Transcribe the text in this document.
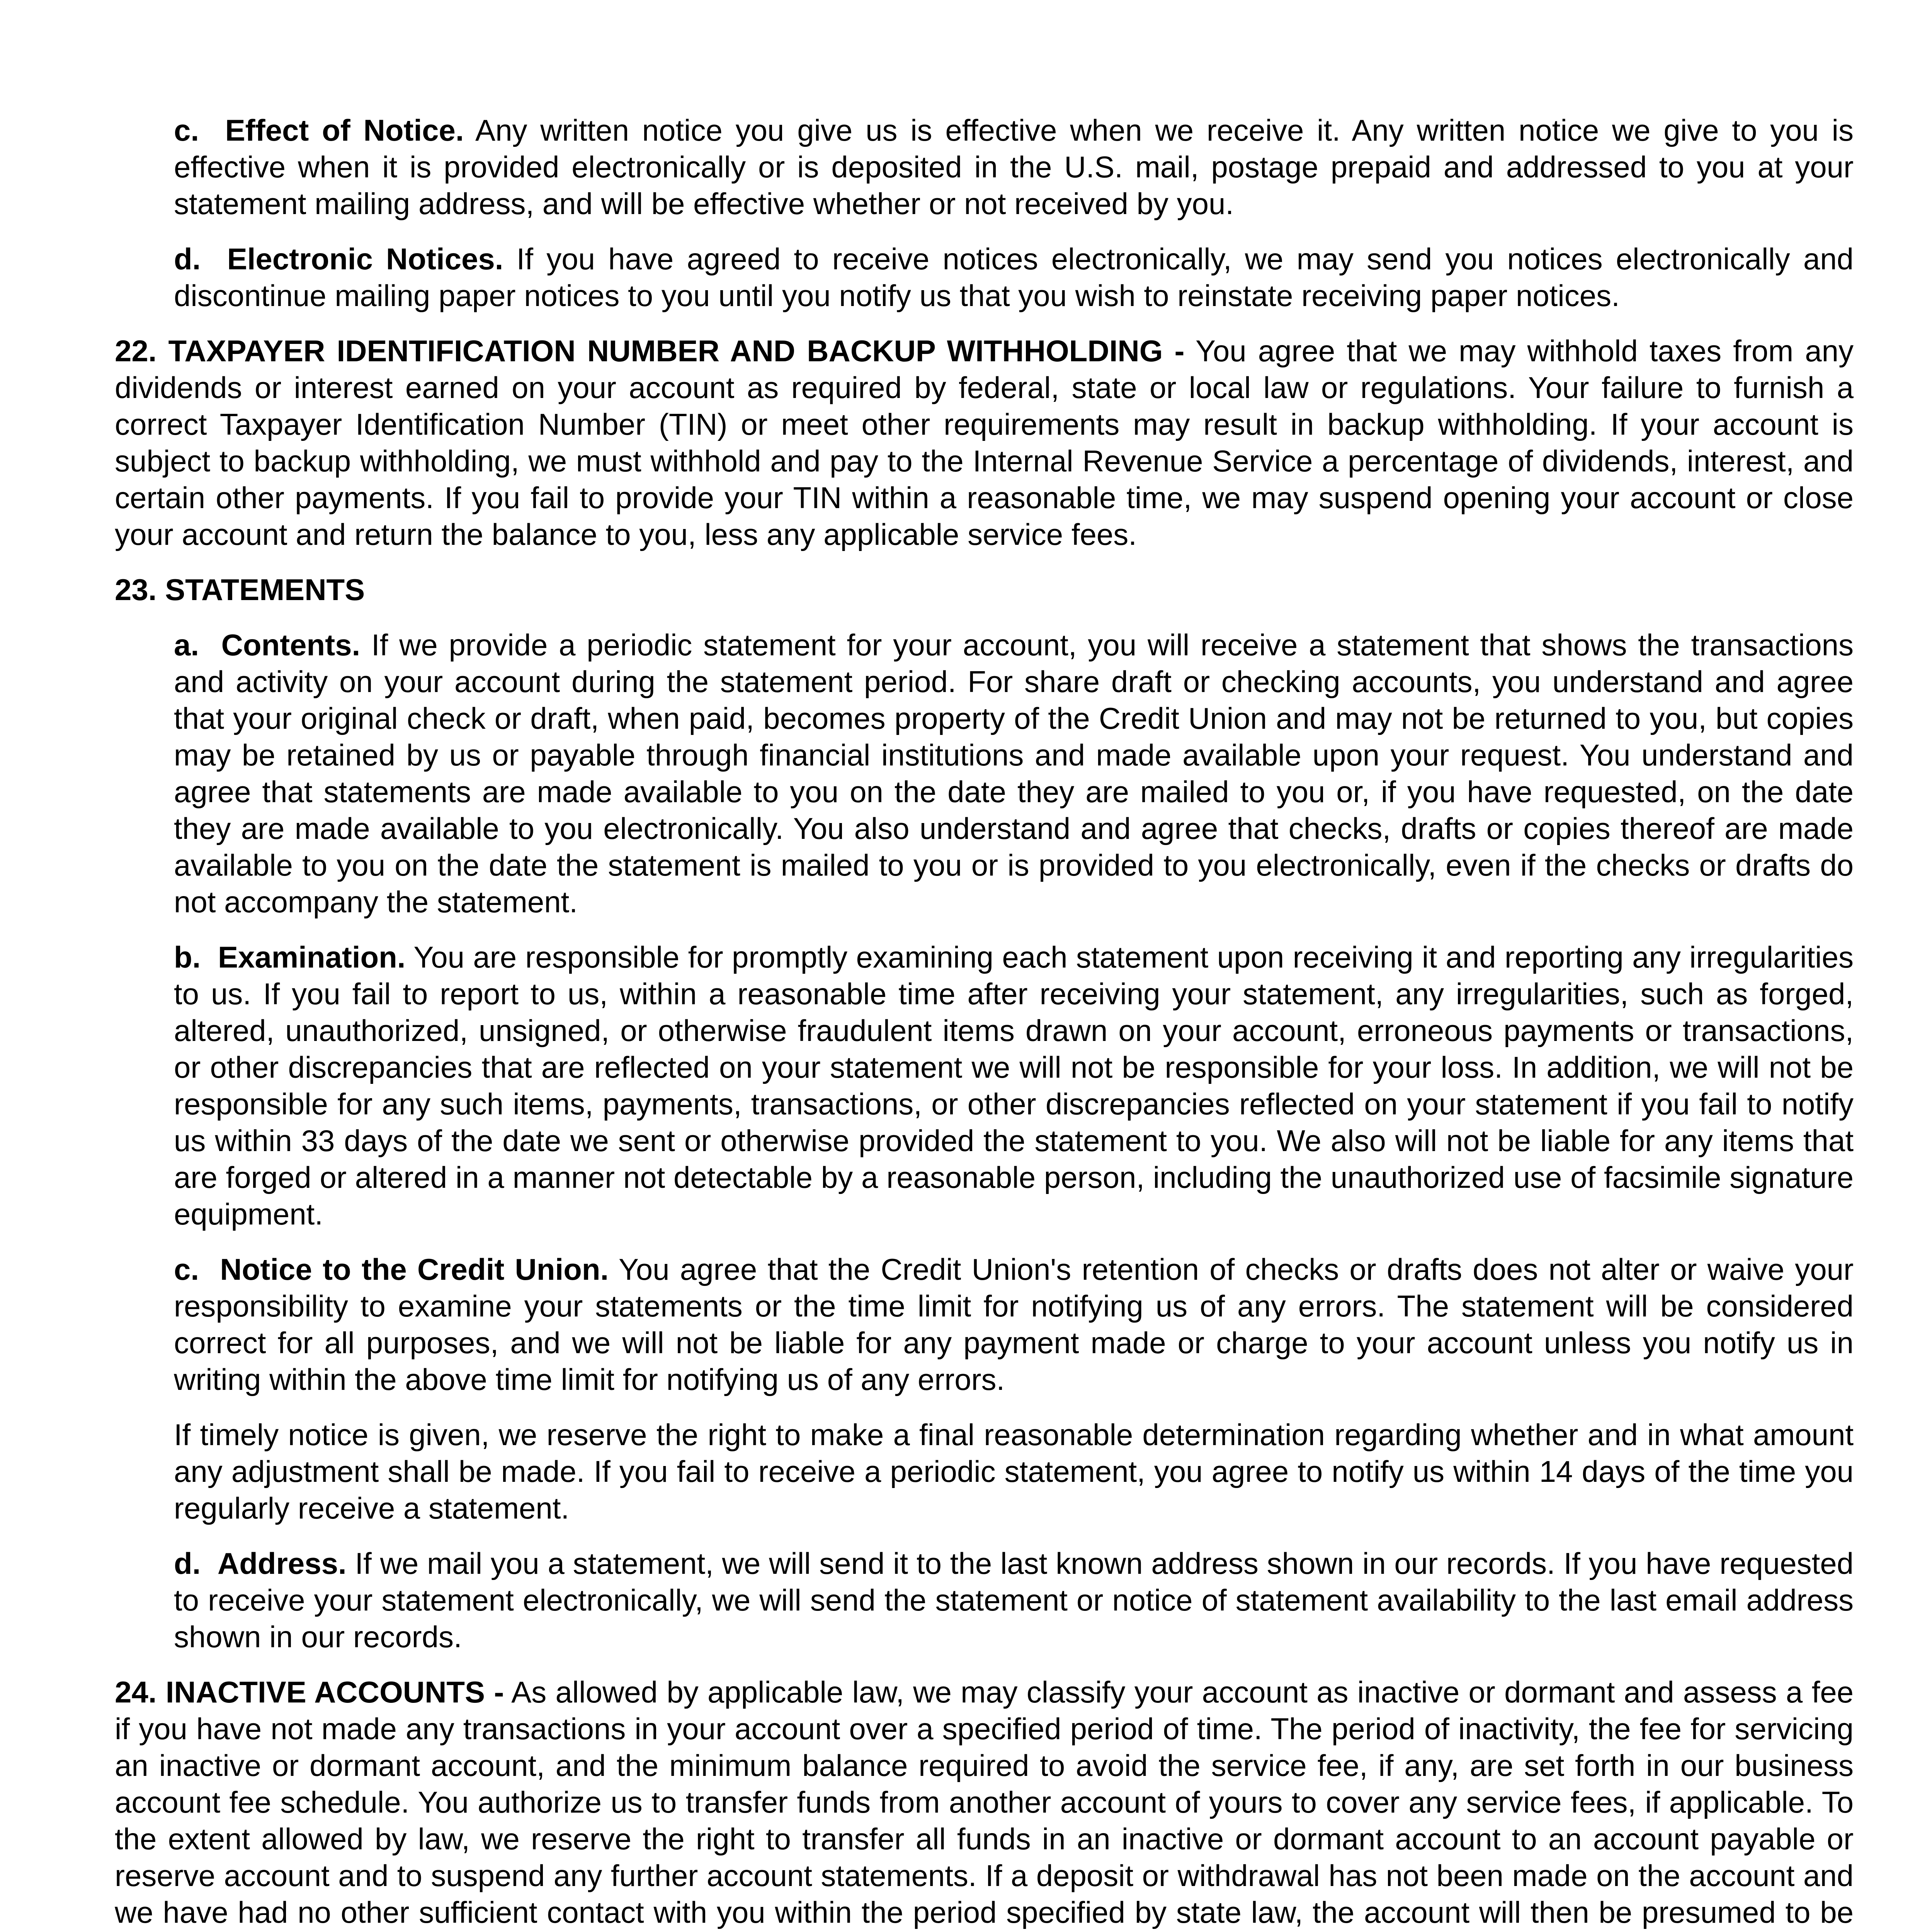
c.  Effect of Notice. Any written notice you give us is effective when we receive it. Any written notice we give to you is effective when it is provided electronically or is deposited in the U.S. mail, postage prepaid and addressed to you at your statement mailing address, and will be effective whether or not received by you.

d.  Electronic Notices. If you have agreed to receive notices electronically, we may send you notices electronically and discontinue mailing paper notices to you until you notify us that you wish to reinstate receiving paper notices.

22. TAXPAYER IDENTIFICATION NUMBER AND BACKUP WITHHOLDING - You agree that we may withhold taxes from any dividends or interest earned on your account as required by federal, state or local law or regulations. Your failure to furnish a correct Taxpayer Identification Number (TIN) or meet other requirements may result in backup withholding. If your account is subject to backup withholding, we must withhold and pay to the Internal Revenue Service a percentage of dividends, interest, and certain other payments. If you fail to provide your TIN within a reasonable time, we may suspend opening your account or close your account and return the balance to you, less any applicable service fees.

23. STATEMENTS

a.  Contents. If we provide a periodic statement for your account, you will receive a statement that shows the transactions and activity on your account during the statement period. For share draft or checking accounts, you understand and agree that your original check or draft, when paid, becomes property of the Credit Union and may not be returned to you, but copies may be retained by us or payable through financial institutions and made available upon your request. You understand and agree that statements are made available to you on the date they are mailed to you or, if you have requested, on the date they are made available to you electronically. You also understand and agree that checks, drafts or copies thereof are made available to you on the date the statement is mailed to you or is provided to you electronically, even if the checks or drafts do not accompany the statement.

b.  Examination. You are responsible for promptly examining each statement upon receiving it and reporting any irregularities to us. If you fail to report to us, within a reasonable time after receiving your statement, any irregularities, such as forged, altered, unauthorized, unsigned, or otherwise fraudulent items drawn on your account, erroneous payments or transactions, or other discrepancies that are reflected on your statement we will not be responsible for your loss. In addition, we will not be responsible for any such items, payments, transactions, or other discrepancies reflected on your statement if you fail to notify us within 33 days of the date we sent or otherwise provided the statement to you. We also will not be liable for any items that are forged or altered in a manner not detectable by a reasonable person, including the unauthorized use of facsimile signature equipment.

c.  Notice to the Credit Union. You agree that the Credit Union's retention of checks or drafts does not alter or waive your responsibility to examine your statements or the time limit for notifying us of any errors. The statement will be considered correct for all purposes, and we will not be liable for any payment made or charge to your account unless you notify us in writing within the above time limit for notifying us of any errors.

If timely notice is given, we reserve the right to make a final reasonable determination regarding whether and in what amount any adjustment shall be made. If you fail to receive a periodic statement, you agree to notify us within 14 days of the time you regularly receive a statement.

d.  Address. If we mail you a statement, we will send it to the last known address shown in our records. If you have requested to receive your statement electronically, we will send the statement or notice of statement availability to the last email address shown in our records.

24. INACTIVE ACCOUNTS - As allowed by applicable law, we may classify your account as inactive or dormant and assess a fee if you have not made any transactions in your account over a specified period of time. The period of inactivity, the fee for servicing an inactive or dormant account, and the minimum balance required to avoid the service fee, if any, are set forth in our business account fee schedule. You authorize us to transfer funds from another account of yours to cover any service fees, if applicable. To the extent allowed by law, we reserve the right to transfer all funds in an inactive or dormant account to an account payable or reserve account and to suspend any further account statements. If a deposit or withdrawal has not been made on the account and we have had no other sufficient contact with you within the period specified by state law, the account will then be presumed to be
